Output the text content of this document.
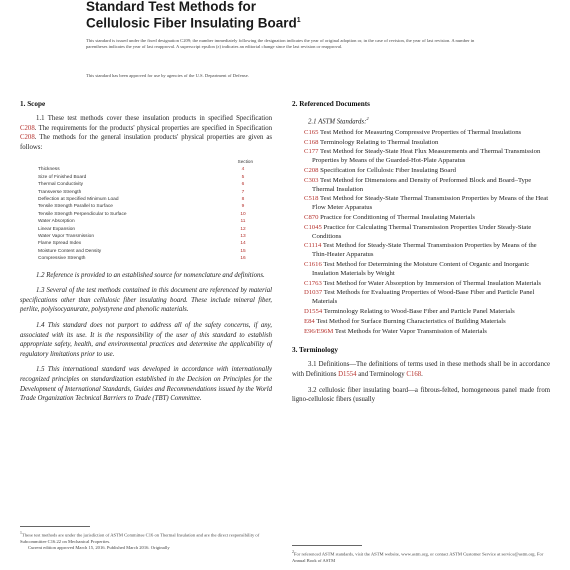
Standard Test Methods for
Cellulosic Fiber Insulating Board$^1$
This standard is issued under the fixed designation C209; the number immediately following the designation indicates the year of original adoption or, in the case of revision, the year of last revision. A number in parentheses indicates the year of last reapproval. A superscript epsilon (ε) indicates an editorial change since the last revision or reapproval.
This standard has been approved for use by agencies of the U.S. Department of Defense.
1. Scope

1.1 These test methods cover these insulation products in specified Specification C208. The requirements for the products' physical properties are specified in Specification C208. The methods for the general insulation products' physical properties are given as follows:

	Section
Thickness	4
Size of Finished Board	5
Thermal Conductivity	6
Transverse Strength	7
Deflection at Specified Minimum Load	8
Tensile Strength Parallel to Surface	9
Tensile Strength Perpendicular to Surface	10
Water Absorption	11
Linear Expansion	12
Water Vapor Transmission	13
Flame Spread Index	14
Moisture Content and Density	15
Compressive Strength	16

1.2 Reference is provided to an established source for nomenclature and definitions.

1.3 Several of the test methods contained in this document are referenced by material specifications other than cellulosic fiber insulating board. These include mineral fiber, perlite, polyisocyanurate, polystyrene and phenolic materials.

1.4 This standard does not purport to address all of the safety concerns, if any, associated with its use. It is the responsibility of the user of this standard to establish appropriate safety, health, and environmental practices and determine the applicability of regulatory limitations prior to use.

1.5 This international standard was developed in accordance with internationally recognized principles on standardization established in the Decision on Principles for the Development of International Standards, Guides and Recommendations issued by the World Trade Organization Technical Barriers to Trade (TBT) Committee.

2. Referenced Documents

2.1 ASTM Standards:$^2$

C165 Test Method for Measuring Compressive Properties of Thermal Insulations
C168 Terminology Relating to Thermal Insulation
C177 Test Method for Steady-State Heat Flux Measurements and Thermal Transmission Properties by Means of the Guarded-Hot-Plate Apparatus
C208 Specification for Cellulosic Fiber Insulating Board
C303 Test Method for Dimensions and Density of Preformed Block and Board–Type Thermal Insulation
C518 Test Method for Steady-State Thermal Transmission Properties by Means of the Heat Flow Meter Apparatus
C870 Practice for Conditioning of Thermal Insulating Materials
C1045 Practice for Calculating Thermal Transmission Properties Under Steady-State Conditions
C1114 Test Method for Steady-State Thermal Transmission Properties by Means of the Thin-Heater Apparatus
C1616 Test Method for Determining the Moisture Content of Organic and Inorganic Insulation Materials by Weight
C1763 Test Method for Water Absorption by Immersion of Thermal Insulation Materials
D1037 Test Methods for Evaluating Properties of Wood-Base Fiber and Particle Panel Materials
D1554 Terminology Relating to Wood-Base Fiber and Particle Panel Materials
E84 Test Method for Surface Burning Characteristics of Building Materials
E96/E96M Test Methods for Water Vapor Transmission of Materials
3. Terminology

3.1 Definitions—The definitions of terms used in these methods shall be in accordance with Definitions D1554 and Terminology C168.

3.2 cellulosic fiber insulating board—a fibrous-felted, homogeneous panel made from ligno-cellulosic fibers (usually

$^1$These test methods are under the jurisdiction of ASTM Committee C16 on Thermal Insulation and are the direct responsibility of Subcommittee C16.22 on Mechanical Properties.
Current edition approved March 15, 2016. Published March 2016. Originally
$^2$For referenced ASTM standards, visit the ASTM website, www.astm.org, or contact ASTM Customer Service at service@astm.org. For Annual Book of ASTM
